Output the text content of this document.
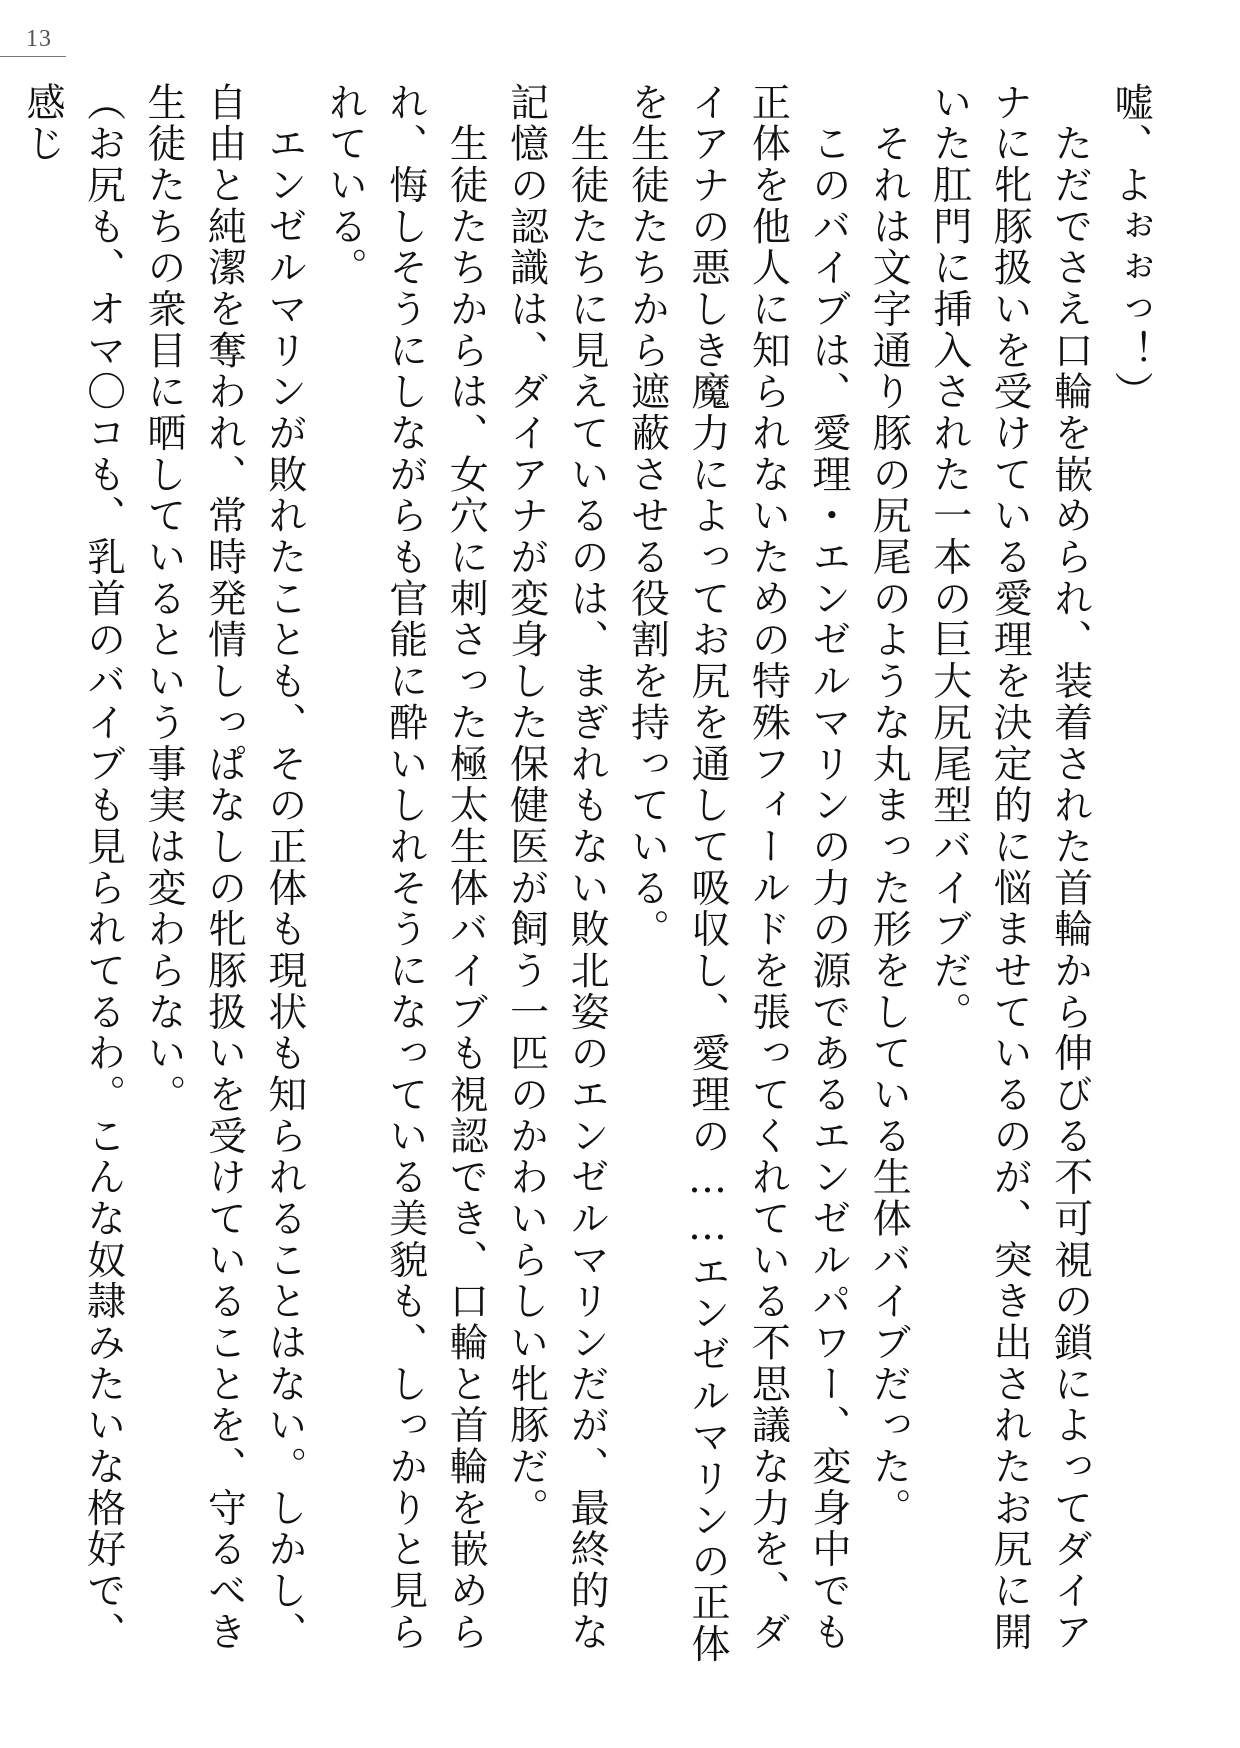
13

嘘、よぉぉっ！）

　ただでさえ口輪を嵌められ、装着された首輪から伸びる不可視の鎖によってダイアナに牝豚扱いを受けている愛理を決定的に悩ませているのが、突き出されたお尻に開いた肛門に挿入された一本の巨大尻尾型バイブだ。

　それは文字通り豚の尻尾のような丸まった形をしている生体バイブだった。

　このバイブは、愛理・エンゼルマリンの力の源であるエンゼルパワー、変身中でも正体を他人に知られないための特殊フィールドを張ってくれている不思議な力を、ダイアナの悪しき魔力によってお尻を通して吸収し、愛理の……エンゼルマリンの正体を生徒たちから遮蔽させる役割を持っている。

　生徒たちに見えているのは、まぎれもない敗北姿のエンゼルマリンだが、最終的な記憶の認識は、ダイアナが変身した保健医が飼う一匹のかわいらしい牝豚だ。

　生徒たちからは、女穴に刺さった極太生体バイブも視認でき、口輪と首輪を嵌められ、悔しそうにしながらも官能に酔いしれそうになっている美貌も、しっかりと見られている。

　エンゼルマリンが敗れたことも、その正体も現状も知られることはない。しかし、自由と純潔を奪われ、常時発情しっぱなしの牝豚扱いを受けていることを、守るべき生徒たちの衆目に晒しているという事実は変わらない。

（お尻も、オマ〇コも、乳首のバイブも見られてるわ。こんな奴隷みたいな格好で、感じ
